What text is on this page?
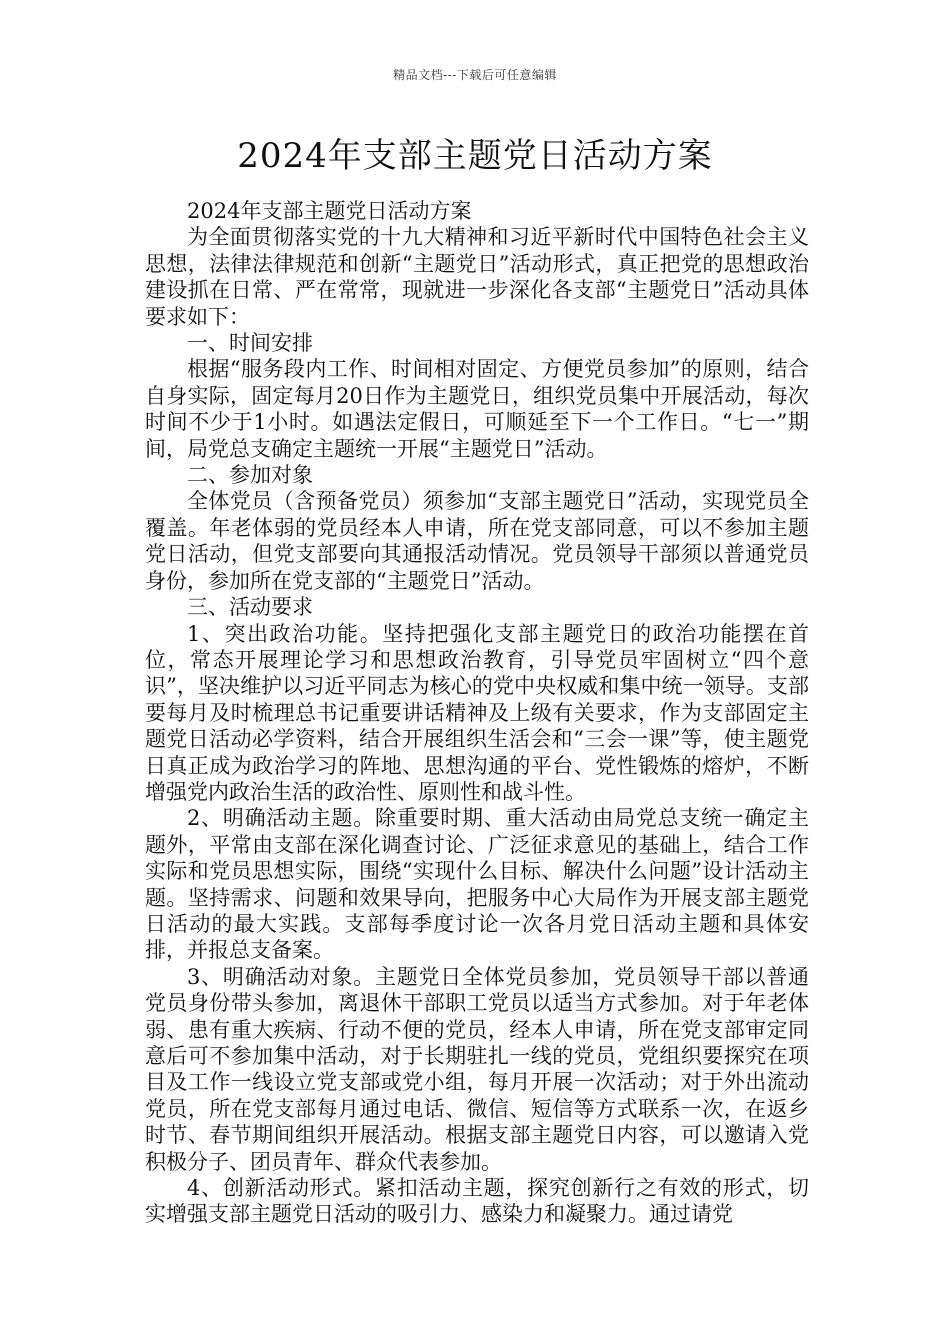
精品文档---下载后可任意编辑
2024年支部主题党日活动方案

2024年支部主题党日活动方案

为全面贯彻落实党的十九大精神和习近平新时代中国特色社会主义思想，法律法律规范和创新“主题党日”活动形式，真正把党的思想政治建设抓在日常、严在常常，现就进一步深化各支部“主题党日”活动具体要求如下：

一、时间安排

根据“服务段内工作、时间相对固定、方便党员参加”的原则，结合自身实际，固定每月20日作为主题党日，组织党员集中开展活动，每次时间不少于1小时。如遇法定假日，可顺延至下一个工作日。“七一”期间，局党总支确定主题统一开展“主题党日”活动。

二、参加对象

全体党员（含预备党员）须参加“支部主题党日”活动，实现党员全覆盖。年老体弱的党员经本人申请，所在党支部同意，可以不参加主题党日活动，但党支部要向其通报活动情况。党员领导干部须以普通党员身份，参加所在党支部的“主题党日”活动。

三、活动要求

1、突出政治功能。坚持把强化支部主题党日的政治功能摆在首位，常态开展理论学习和思想政治教育，引导党员牢固树立“四个意识”，坚决维护以习近平同志为核心的党中央权威和集中统一领导。支部要每月及时梳理总书记重要讲话精神及上级有关要求，作为支部固定主题党日活动必学资料，结合开展组织生活会和“三会一课”等，使主题党日真正成为政治学习的阵地、思想沟通的平台、党性锻炼的熔炉，不断增强党内政治生活的政治性、原则性和战斗性。

2、明确活动主题。除重要时期、重大活动由局党总支统一确定主题外，平常由支部在深化调查讨论、广泛征求意见的基础上，结合工作实际和党员思想实际，围绕“实现什么目标、解决什么问题”设计活动主题。坚持需求、问题和效果导向，把服务中心大局作为开展支部主题党日活动的最大实践。支部每季度讨论一次各月党日活动主题和具体安排，并报总支备案。

3、明确活动对象。主题党日全体党员参加，党员领导干部以普通党员身份带头参加，离退休干部职工党员以适当方式参加。对于年老体弱、患有重大疾病、行动不便的党员，经本人申请，所在党支部审定同意后可不参加集中活动，对于长期驻扎一线的党员，党组织要探究在项目及工作一线设立党支部或党小组，每月开展一次活动；对于外出流动党员，所在党支部每月通过电话、微信、短信等方式联系一次，在返乡时节、春节期间组织开展活动。根据支部主题党日内容，可以邀请入党积极分子、团员青年、群众代表参加。

4、创新活动形式。紧扣活动主题，探究创新行之有效的形式，切实增强支部主题党日活动的吸引力、感染力和凝聚力。通过请党
